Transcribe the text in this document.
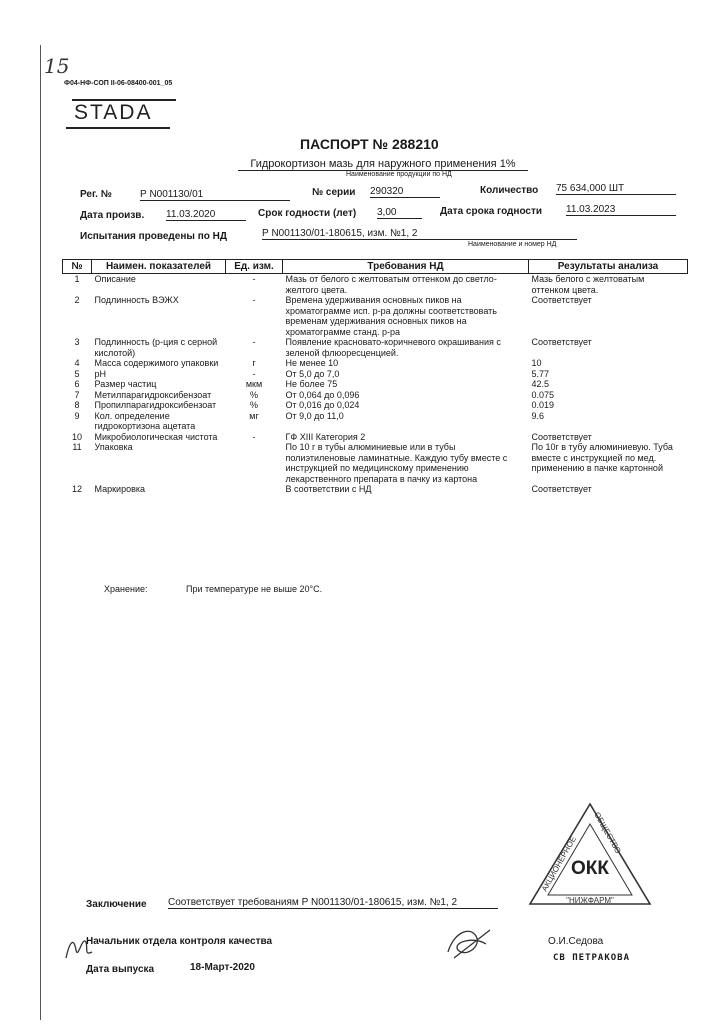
15
Ф04-НФ-СОП II-06-08400-001_05
STADA
ПАСПОРТ № 288210
Гидрокортизон мазь для наружного применения 1%
Наименование продукции по НД
Рег. №	Р N001130/01	№ серии 290320	Количество 75 634,000 ШТ
Дата произв. 11.03.2020	Срок годности (лет) 3,00	Дата срока годности 11.03.2023
Испытания проведены по НД	Р N001130/01-180615, изм. №1, 2
Наименование и номер НД
№	Наимен. показателей	Ед. изм.	Требования НД	Результаты анализа
1	Описание	-	Мазь от белого с желтоватым оттенком до светло-желтого цвета.	Мазь белого с желтоватым оттенком цвета.
2	Подлинность ВЭЖХ	-	Времена удерживания основных пиков на хроматограмме исп. р-ра должны соответствовать временам удерживания основных пиков на хроматограмме станд. р-ра	Соответствует
3	Подлинность (р-ция с серной кислотой)	-	Появление красновато-коричневого окрашивания с зеленой флюоресценцией.	Соответствует
4	Масса содержимого упаковки	г	Не менее 10	10
5	pH	-	От 5,0 до 7,0	5.77
6	Размер частиц	мкм	Не более 75	42.5
7	Метилпарагидроксибензоат	%	От 0,064 до 0,096	0.075
8	Пропилпарагидроксибензоат	%	От 0,016 до 0,024	0.019
9	Кол. определение гидрокортизона ацетата	мг	От 9,0 до 11,0	9.6
10	Микробиологическая чистота	-	ГФ XIII Категория 2	Соответствует
11	Упаковка		По 10 г в тубы алюминиевые или в тубы полиэтиленовые ламинатные. Каждую тубу вместе с инструкцией по медицинскому применению лекарственного препарата в пачку из картона	По 10г в тубу алюминиевую. Туба вместе с инструкцией по мед. применению в пачке картонной
12	Маркировка		В соответствии с НД	Соответствует
Хранение:	При температуре не выше 20°С.
АКЦИОНЕРНОЕ
ОБЩЕСТВО
ОКК
"НИЖФАРМ"
Заключение Соответствует требованиям Р N001130/01-180615, изм. №1, 2
Начальник отдела контроля качества	О.И.Седова
СВ ПЕТРАКОВА
Дата выпуска	18-Март-2020
